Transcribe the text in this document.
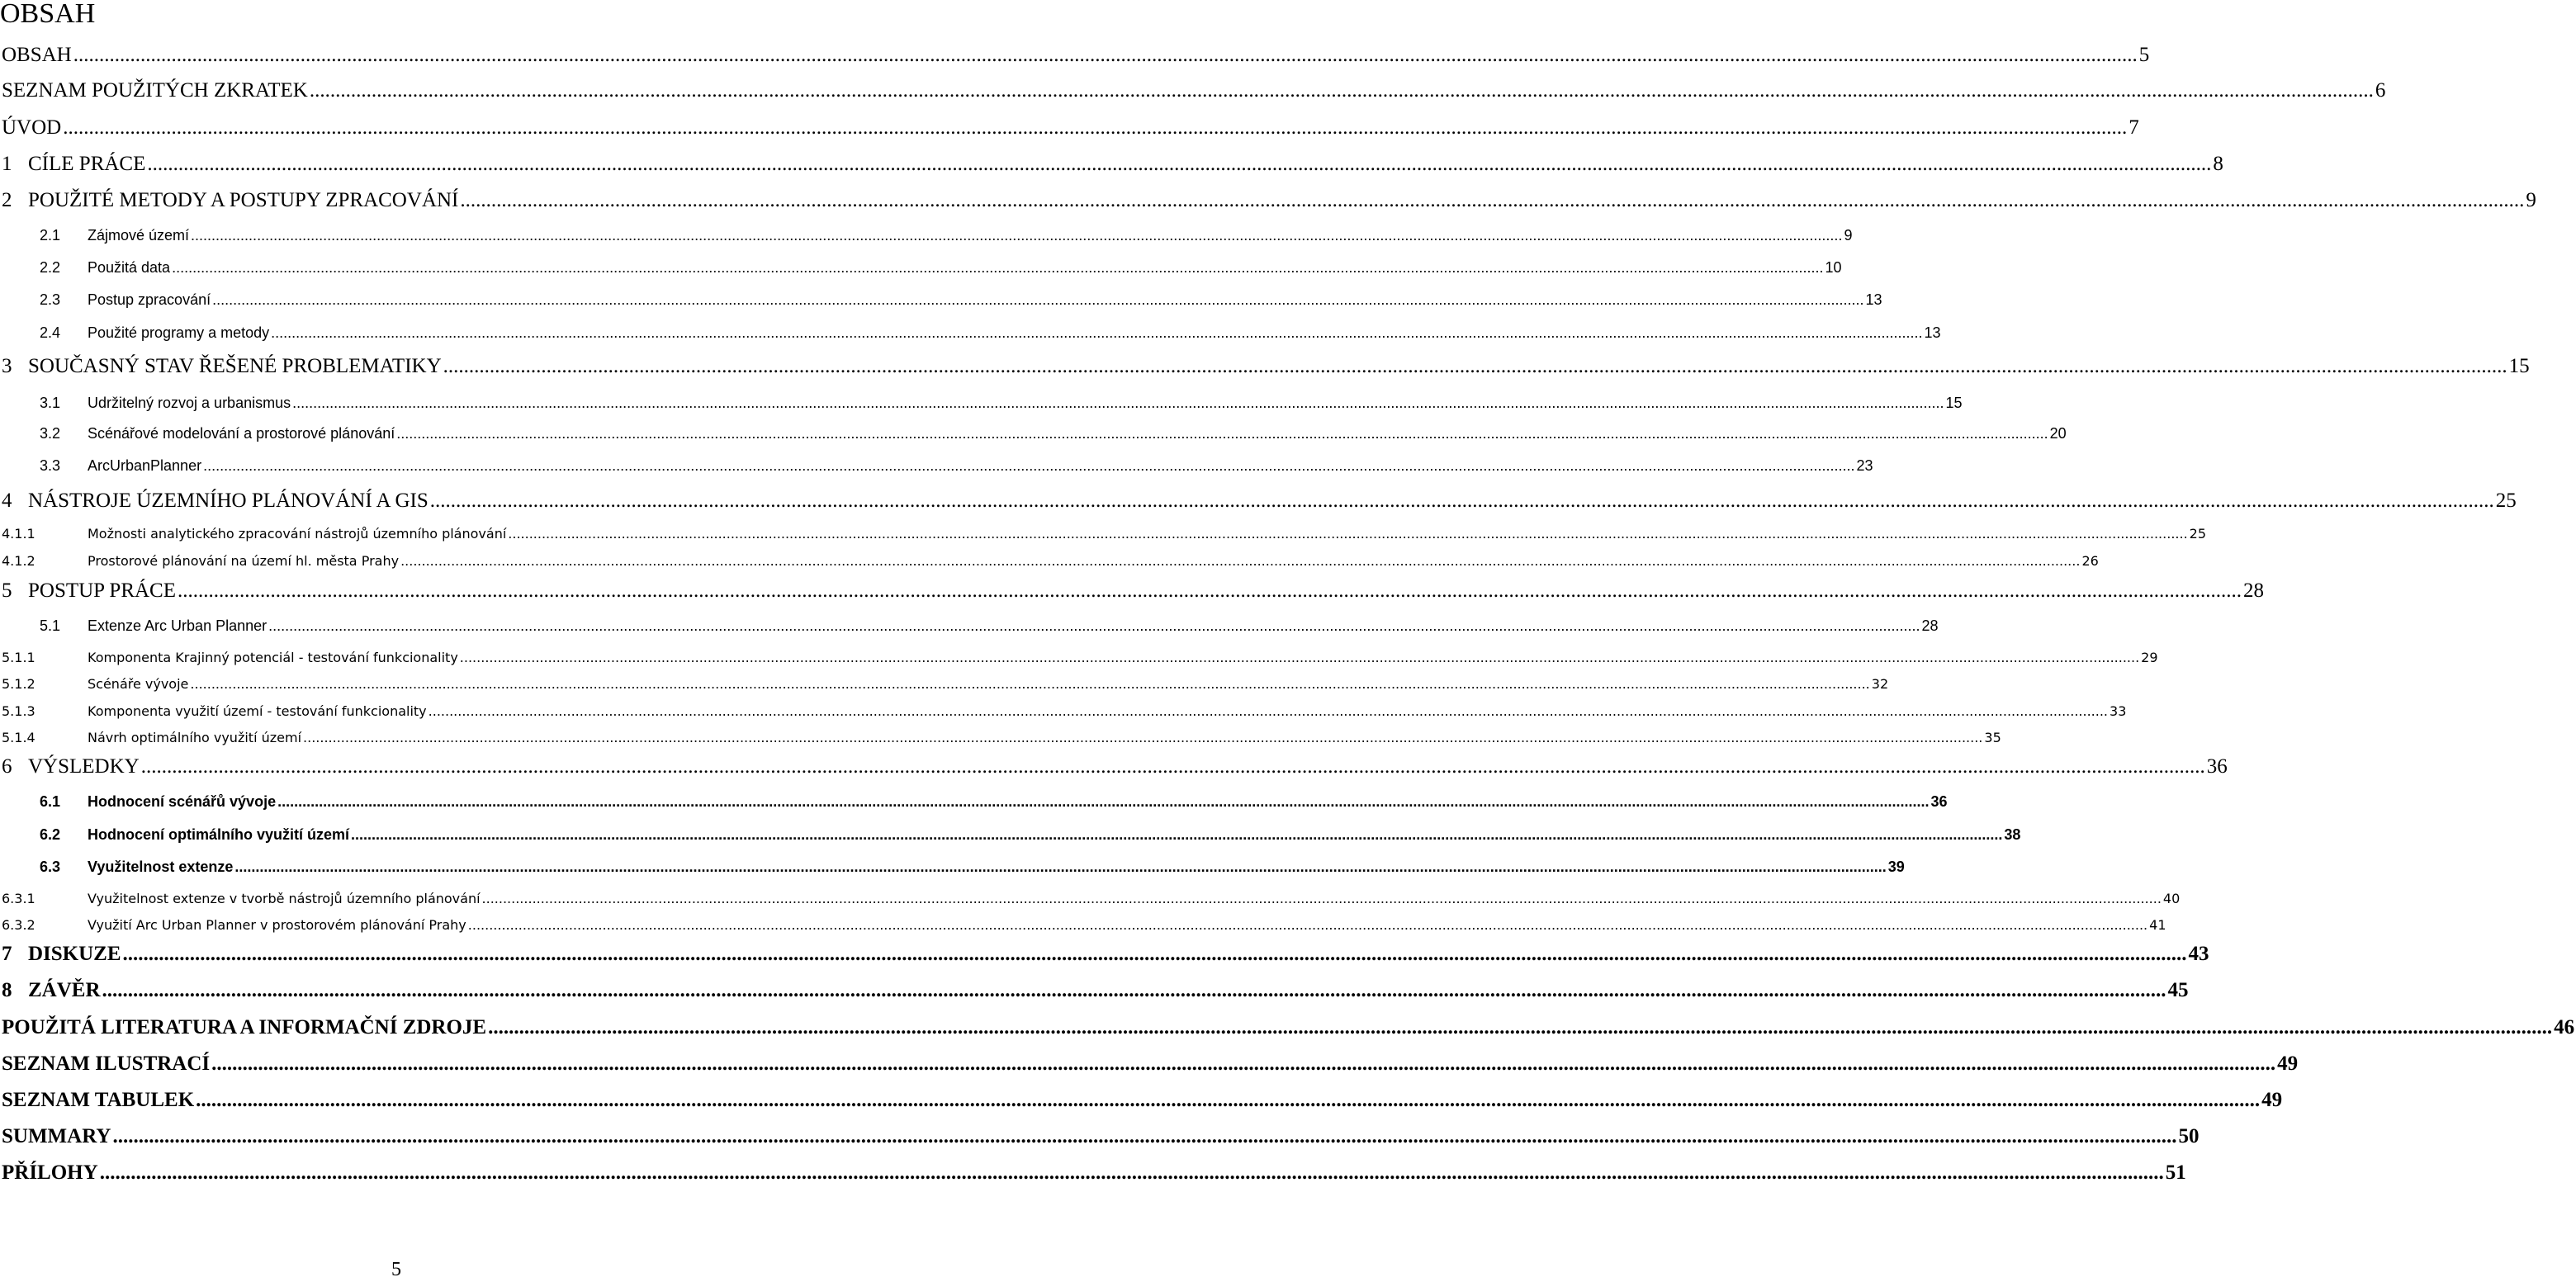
OBSAH
OBSAH ................................................................................................................................................................................................................................................................................................................................................................................................................ 5
SEZNAM POUŽITÝCH ZKRATEK ................................................................................................................................................................................................................................................................................................................................................................................................................ 6
ÚVOD ................................................................................................................................................................................................................................................................................................................................................................................................................ 7
1 CÍLE PRÁCE ................................................................................................................................................................................................................................................................................................................................................................................................................ 8
2 POUŽITÉ METODY A POSTUPY ZPRACOVÁNÍ ................................................................................................................................................................................................................................................................................................................................................................................................................ 9
2.1	Zájmové území ................................................................................................................................................................................................................................................................................................................................................................................................................ 9
2.2	Použitá data ................................................................................................................................................................................................................................................................................................................................................................................................................ 10
2.3	Postup zpracování ................................................................................................................................................................................................................................................................................................................................................................................................................ 13
2.4	Použité programy a metody ................................................................................................................................................................................................................................................................................................................................................................................................................ 13
3 SOUČASNÝ STAV ŘEŠENÉ PROBLEMATIKY ................................................................................................................................................................................................................................................................................................................................................................................................................ 15
3.1	Udržitelný rozvoj a urbanismus ................................................................................................................................................................................................................................................................................................................................................................................................................ 15
3.2	Scénářové modelování a prostorové plánování ................................................................................................................................................................................................................................................................................................................................................................................................................ 20
3.3	ArcUrbanPlanner ................................................................................................................................................................................................................................................................................................................................................................................................................ 23
4 NÁSTROJE ÚZEMNÍHO PLÁNOVÁNÍ A GIS ................................................................................................................................................................................................................................................................................................................................................................................................................ 25
4.1.1	Možnosti analytického zpracování nástrojů územního plánování ................................................................................................................................................................................................................................................................................................................................................................................................................ 25
4.1.2	Prostorové plánování na území hl. města Prahy ................................................................................................................................................................................................................................................................................................................................................................................................................ 26
5 POSTUP PRÁCE ................................................................................................................................................................................................................................................................................................................................................................................................................ 28
5.1	Extenze Arc Urban Planner ................................................................................................................................................................................................................................................................................................................................................................................................................ 28
5.1.1	Komponenta Krajinný potenciál - testování funkcionality ................................................................................................................................................................................................................................................................................................................................................................................................................ 29
5.1.2	Scénáře vývoje ................................................................................................................................................................................................................................................................................................................................................................................................................ 32
5.1.3	Komponenta využití území - testování funkcionality ................................................................................................................................................................................................................................................................................................................................................................................................................ 33
5.1.4	Návrh optimálního využití území ................................................................................................................................................................................................................................................................................................................................................................................................................ 35
6 VÝSLEDKY ................................................................................................................................................................................................................................................................................................................................................................................................................ 36
6.1	Hodnocení scénářů vývoje ................................................................................................................................................................................................................................................................................................................................................................................................................ 36
6.2	Hodnocení optimálního využití území ................................................................................................................................................................................................................................................................................................................................................................................................................ 38
6.3	Využitelnost extenze ................................................................................................................................................................................................................................................................................................................................................................................................................ 39
6.3.1	Využitelnost extenze v tvorbě nástrojů územního plánování ................................................................................................................................................................................................................................................................................................................................................................................................................ 40
6.3.2	Využití Arc Urban Planner v prostorovém plánování Prahy ................................................................................................................................................................................................................................................................................................................................................................................................................ 41
7 DISKUZE ................................................................................................................................................................................................................................................................................................................................................................................................................ 43
8 ZÁVĚR ................................................................................................................................................................................................................................................................................................................................................................................................................ 45
POUŽITÁ LITERATURA A INFORMAČNÍ ZDROJE ................................................................................................................................................................................................................................................................................................................................................................................................................ 46
SEZNAM ILUSTRACÍ ................................................................................................................................................................................................................................................................................................................................................................................................................ 49
SEZNAM TABULEK ................................................................................................................................................................................................................................................................................................................................................................................................................ 49
SUMMARY ................................................................................................................................................................................................................................................................................................................................................................................................................ 50
PŘÍLOHY ................................................................................................................................................................................................................................................................................................................................................................................................................ 51
5
